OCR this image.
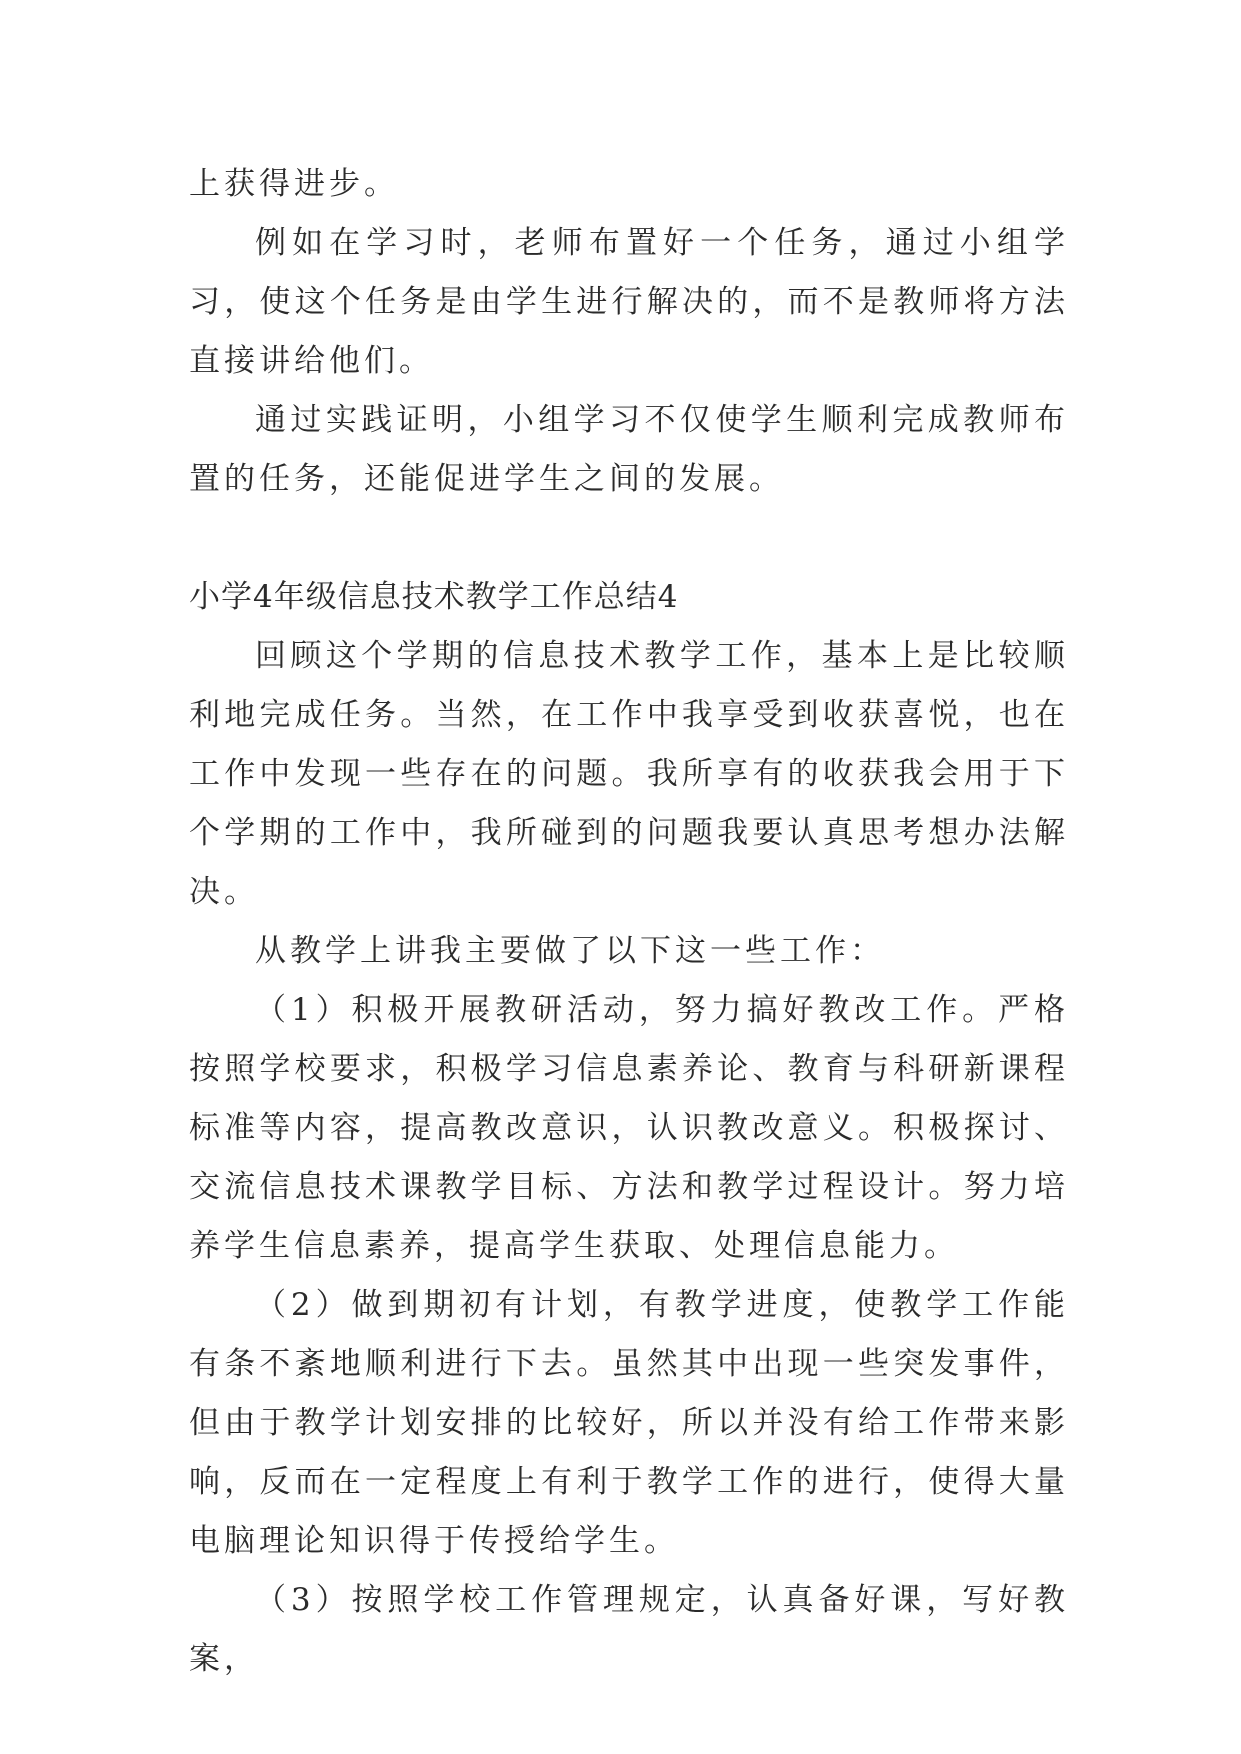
上获得进步。

例如在学习时，老师布置好一个任务，通过小组学习，使这个任务是由学生进行解决的，而不是教师将方法直接讲给他们。

通过实践证明，小组学习不仅使学生顺利完成教师布置的任务，还能促进学生之间的发展。

小学4年级信息技术教学工作总结4

回顾这个学期的信息技术教学工作，基本上是比较顺利地完成任务。当然，在工作中我享受到收获喜悦，也在工作中发现一些存在的问题。我所享有的收获我会用于下个学期的工作中，我所碰到的问题我要认真思考想办法解决。

从教学上讲我主要做了以下这一些工作：

（1）积极开展教研活动，努力搞好教改工作。严格按照学校要求，积极学习信息素养论、教育与科研新课程标准等内容，提高教改意识，认识教改意义。积极探讨、交流信息技术课教学目标、方法和教学过程设计。努力培养学生信息素养，提高学生获取、处理信息能力。

（2）做到期初有计划，有教学进度，使教学工作能有条不紊地顺利进行下去。虽然其中出现一些突发事件，但由于教学计划安排的比较好，所以并没有给工作带来影响，反而在一定程度上有利于教学工作的进行，使得大量电脑理论知识得于传授给学生。

（3）按照学校工作管理规定，认真备好课，写好教案，
